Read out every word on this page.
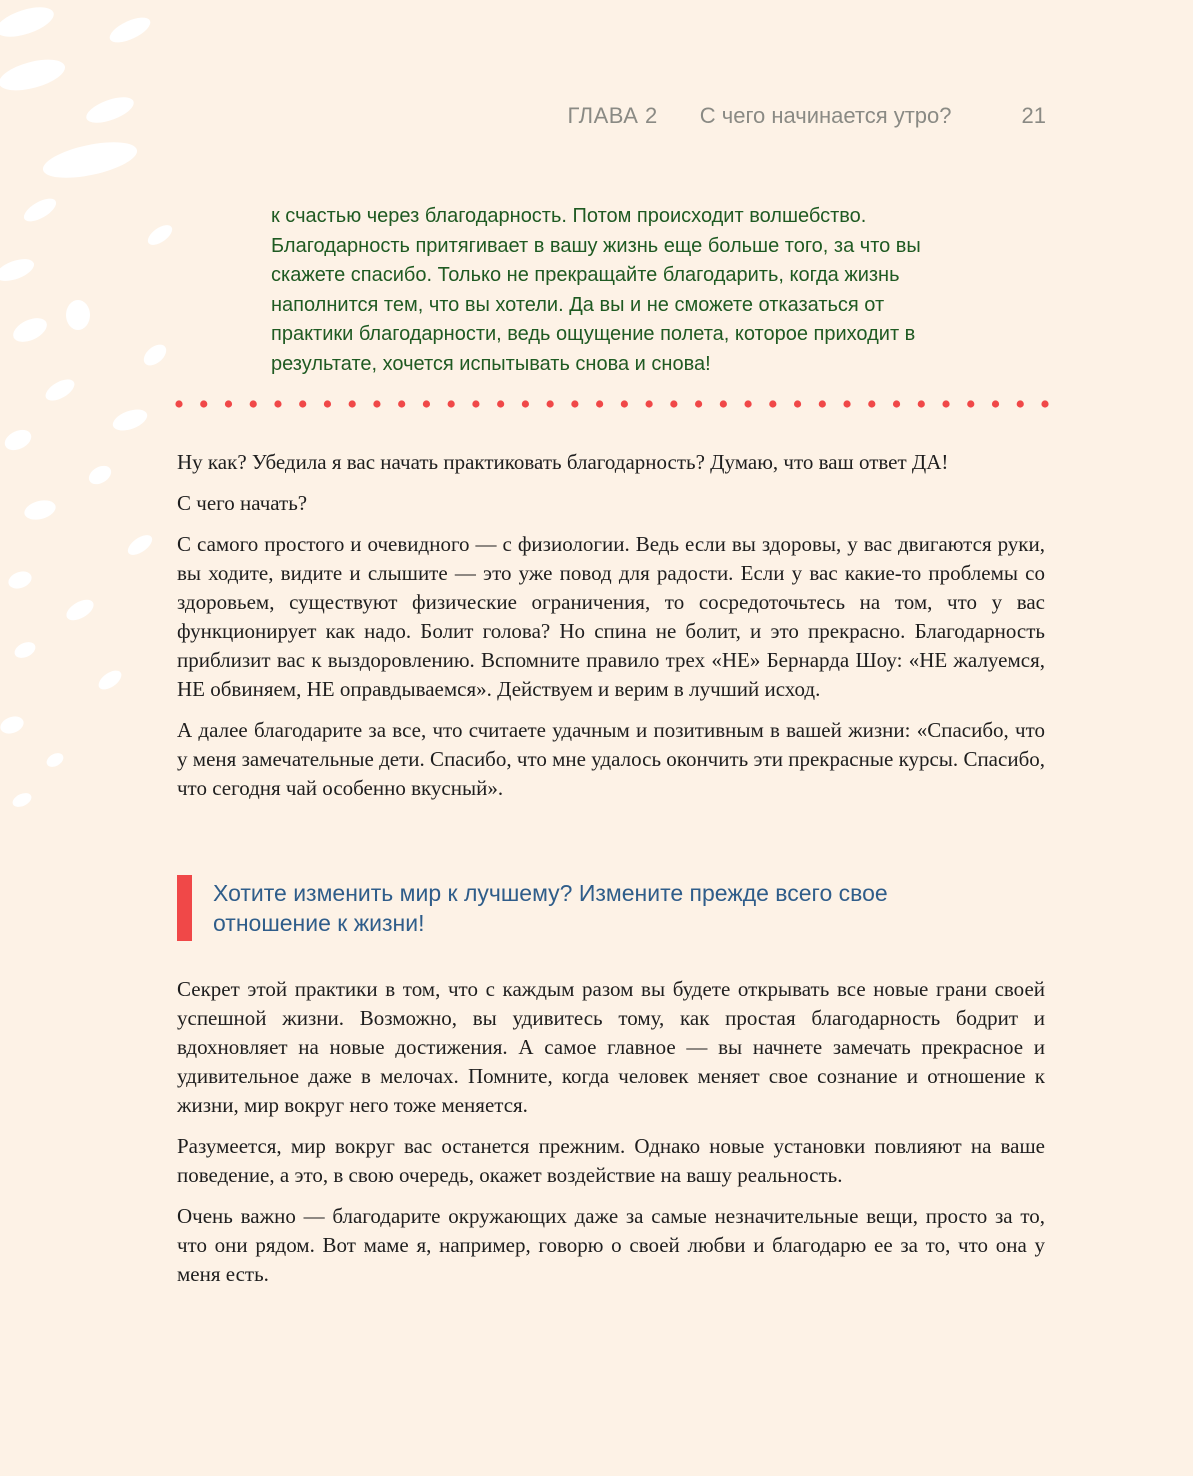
ГЛАВА 2 С чего начинается утро?	21

к счастью через благодарность. Потом происходит волшебство. Благодарность притягивает в вашу жизнь еще больше того, за что вы скажете спасибо. Только не прекращайте благодарить, когда жизнь наполнится тем, что вы хотели. Да вы и не сможете отказаться от практики благодарности, ведь ощущение полета, которое приходит в результате, хочется испытывать снова и снова!

Ну как? Убедила я вас начать практиковать благодарность? Думаю, что ваш ответ ДА!

С чего начать?

С самого простого и очевидного — с физиологии. Ведь если вы здоровы, у вас двигаются руки, вы ходите, видите и слышите — это уже повод для радости. Если у вас какие-то проблемы со здоровьем, существуют физические ограничения, то сосредоточьтесь на том, что у вас функционирует как надо. Болит голова? Но спина не болит, и это прекрасно. Благодарность приблизит вас к выздоровлению. Вспомните правило трех «НЕ» Бернарда Шоу: «НЕ жалуемся, НЕ обвиняем, НЕ оправдываемся». Действуем и верим в лучший исход.

А далее благодарите за все, что считаете удачным и позитивным в вашей жизни: «Спасибо, что у меня замечательные дети. Спасибо, что мне удалось окончить эти прекрасные курсы. Спасибо, что сегодня чай особенно вкусный».

Хотите изменить мир к лучшему? Измените прежде всего свое
отношение к жизни!

Секрет этой практики в том, что с каждым разом вы будете открывать все новые грани своей успешной жизни. Возможно, вы удивитесь тому, как простая благодарность бодрит и вдохновляет на новые достижения. А самое главное — вы начнете замечать прекрасное и удивительное даже в мелочах. Помните, когда человек меняет свое сознание и отношение к жизни, мир вокруг него тоже меняется.

Разумеется, мир вокруг вас останется прежним. Однако новые установки повлияют на ваше поведение, а это, в свою очередь, окажет воздействие на вашу реальность.

Очень важно — благодарите окружающих даже за самые незначительные вещи, просто за то, что они рядом. Вот маме я, например, говорю о своей любви и благодарю ее за то, что она у меня есть.
